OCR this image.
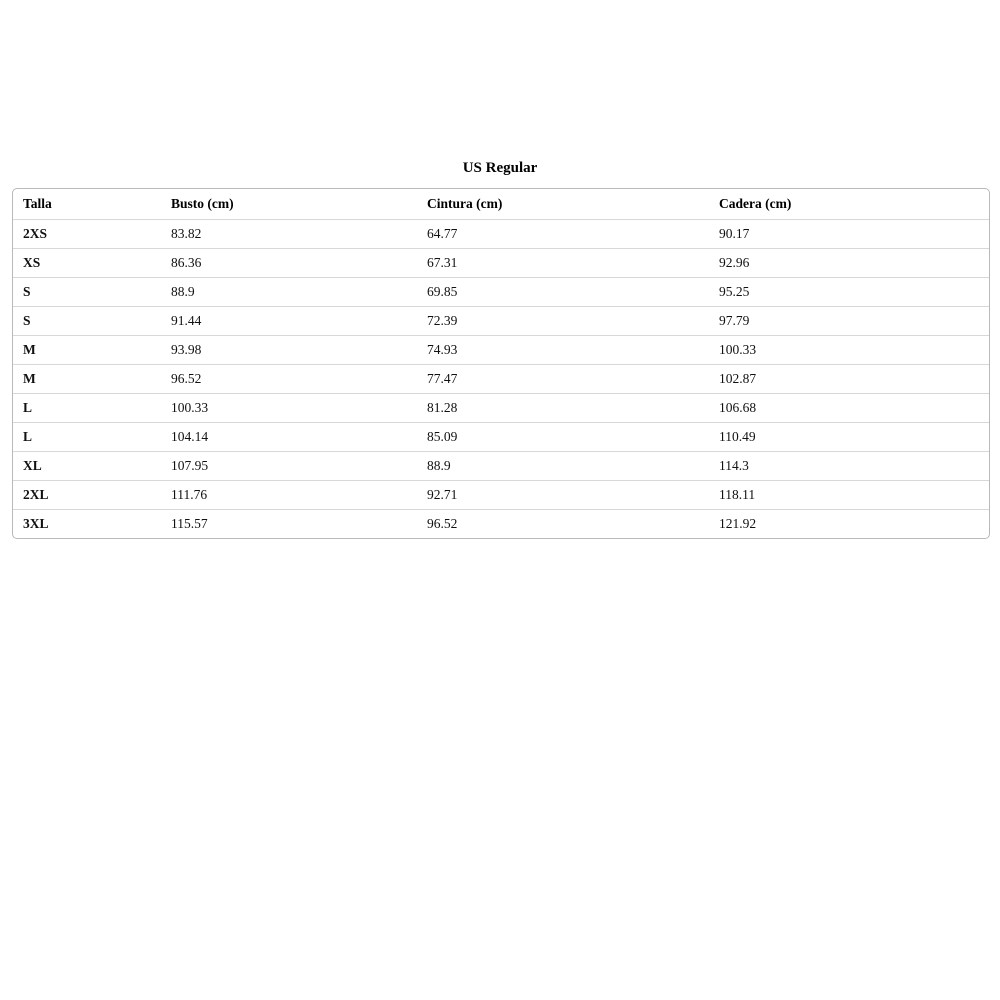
US Regular
Talla	Busto (cm)	Cintura (cm)	Cadera (cm)
2XS	83.82	64.77	90.17
XS	86.36	67.31	92.96
S	88.9	69.85	95.25
S	91.44	72.39	97.79
M	93.98	74.93	100.33
M	96.52	77.47	102.87
L	100.33	81.28	106.68
L	104.14	85.09	110.49
XL	107.95	88.9	114.3
2XL	111.76	92.71	118.11
3XL	115.57	96.52	121.92
